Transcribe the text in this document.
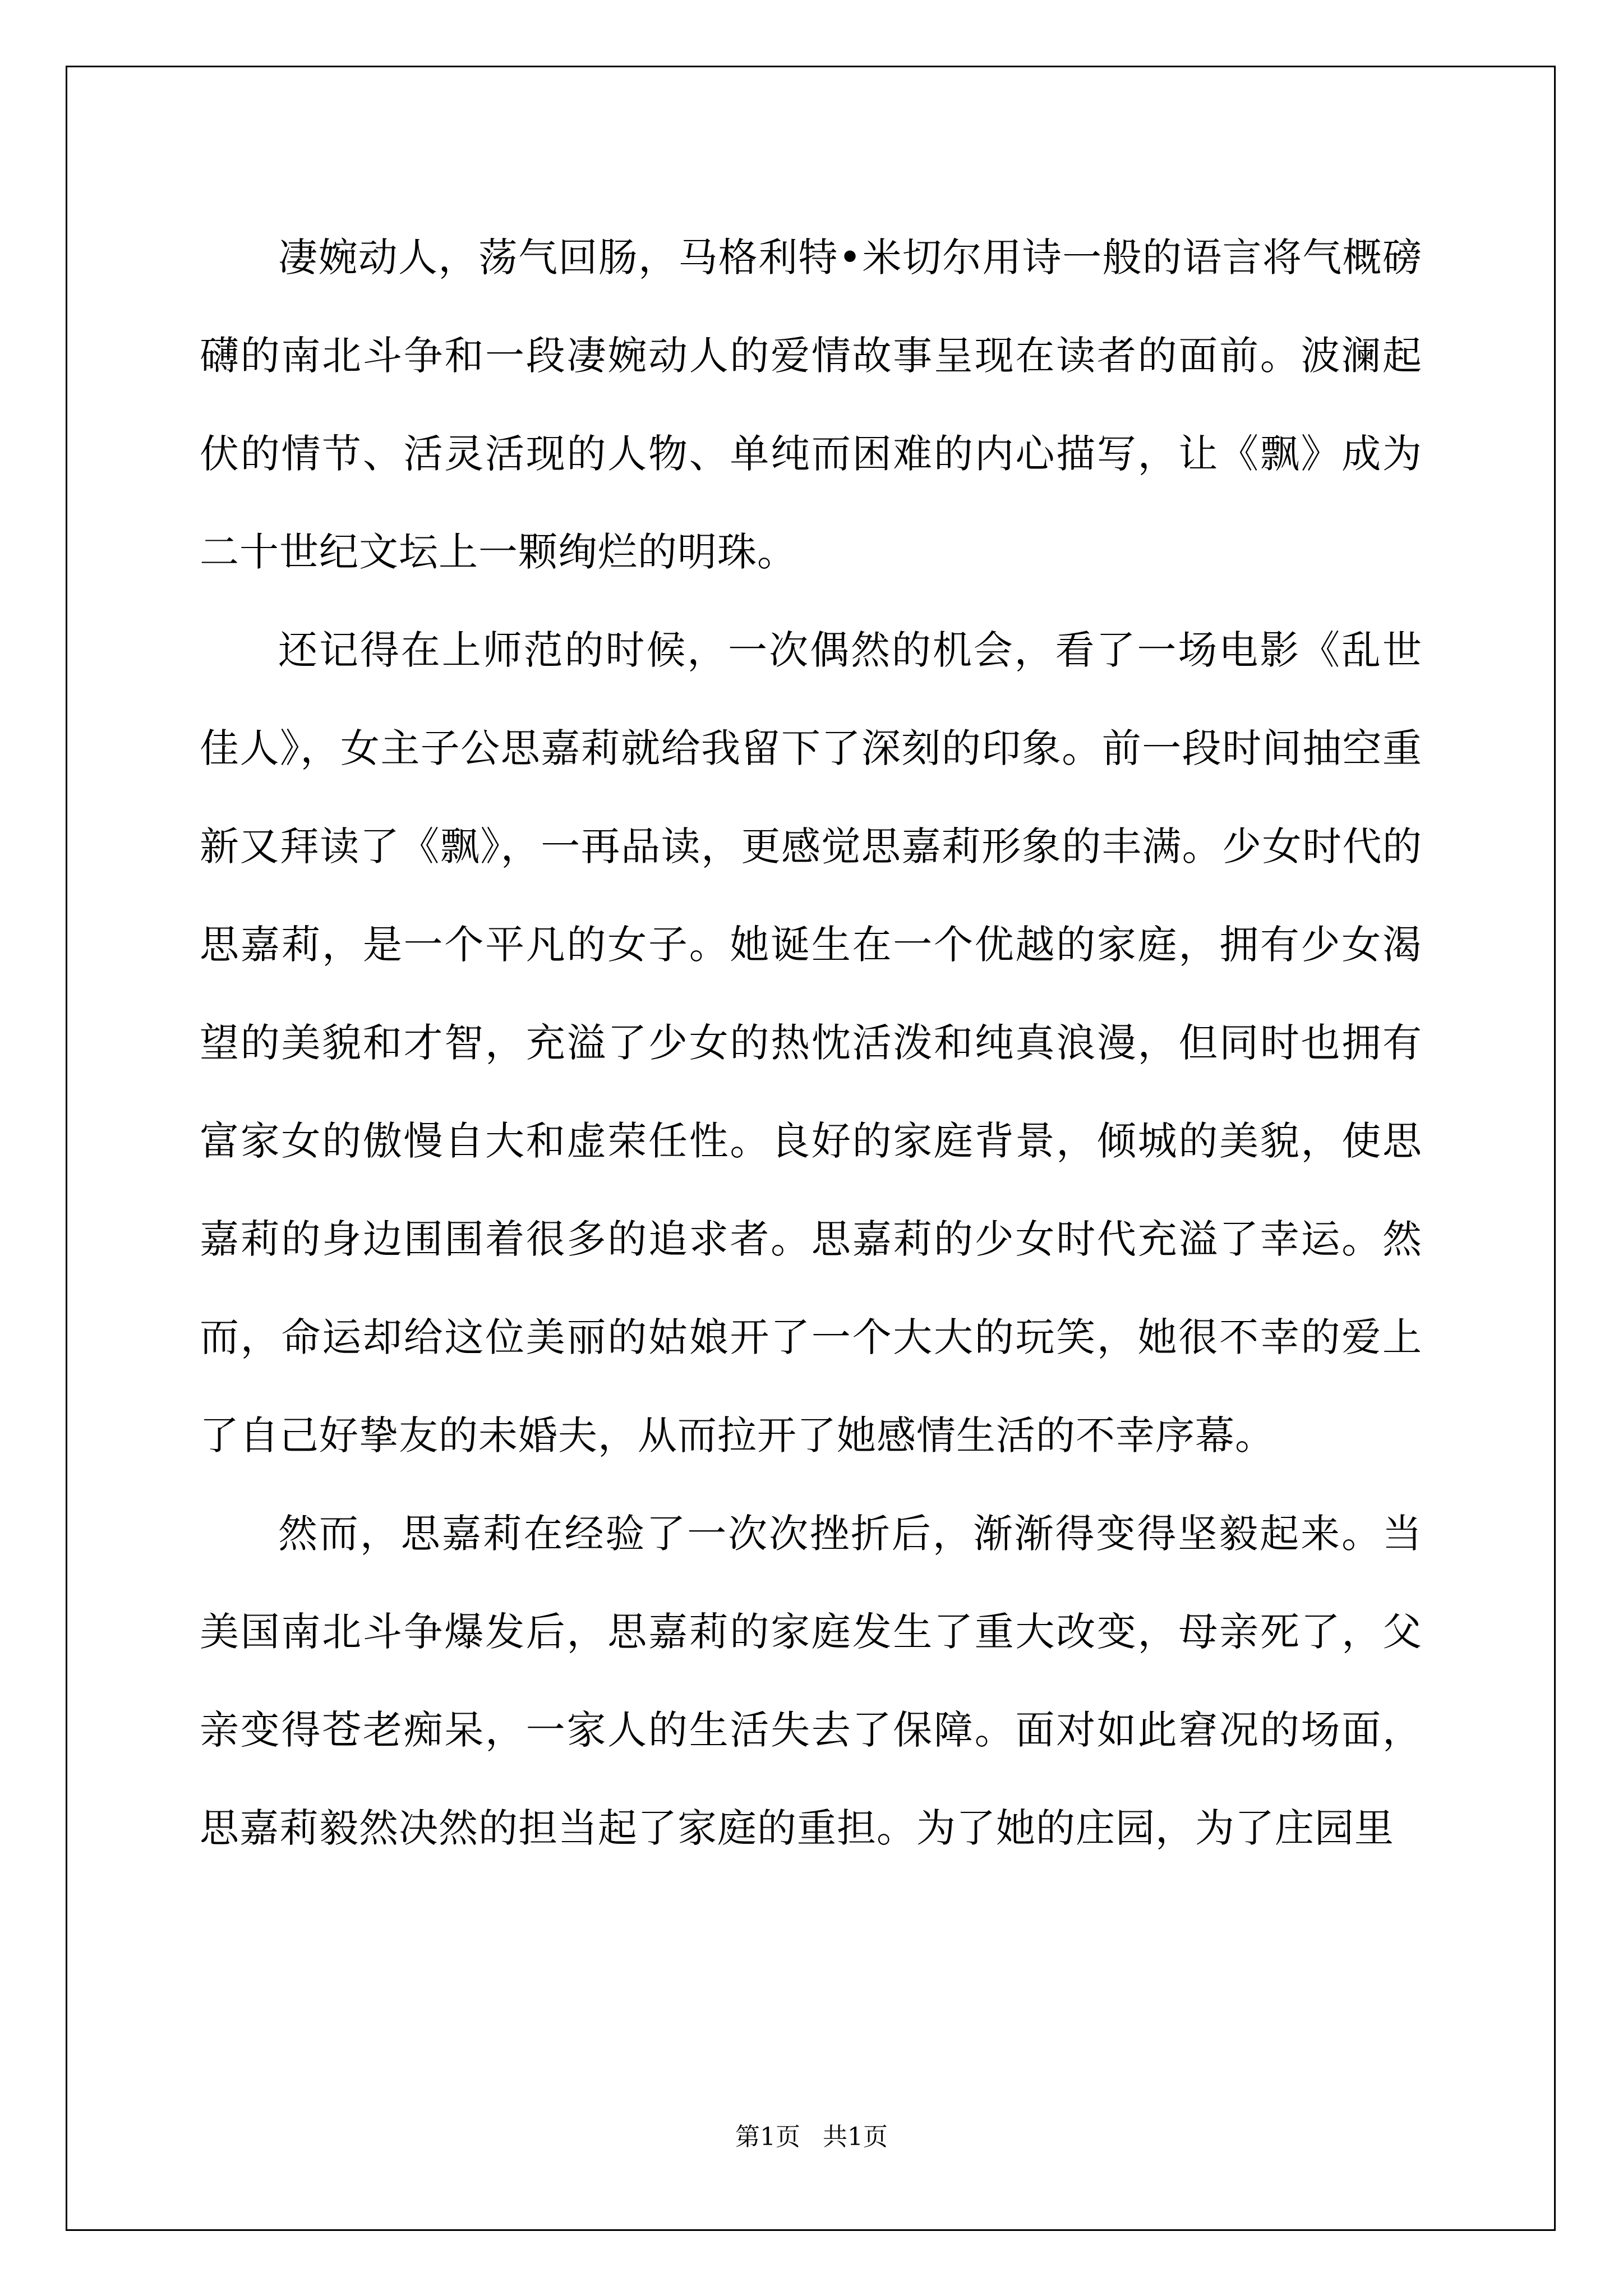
凄婉动人，荡气回肠，马格利特•米切尔用诗一般的语言将气概磅礴的南北斗争和一段凄婉动人的爱情故事呈现在读者的面前。波澜起伏的情节、活灵活现的人物、单纯而困难的内心描写，让《飘》成为二十世纪文坛上一颗绚烂的明珠。

还记得在上师范的时候，一次偶然的机会，看了一场电影《乱世佳人》，女主子公思嘉莉就给我留下了深刻的印象。前一段时间抽空重新又拜读了《飘》，一再品读，更感觉思嘉莉形象的丰满。少女时代的思嘉莉，是一个平凡的女子。她诞生在一个优越的家庭，拥有少女渴望的美貌和才智，充溢了少女的热忱活泼和纯真浪漫，但同时也拥有富家女的傲慢自大和虚荣任性。良好的家庭背景，倾城的美貌，使思嘉莉的身边围围着很多的追求者。思嘉莉的少女时代充溢了幸运。然而，命运却给这位美丽的姑娘开了一个大大的玩笑，她很不幸的爱上了自己好挚友的未婚夫，从而拉开了她感情生活的不幸序幕。

然而，思嘉莉在经验了一次次挫折后，渐渐得变得坚毅起来。当美国南北斗争爆发后，思嘉莉的家庭发生了重大改变，母亲死了，父亲变得苍老痴呆，一家人的生活失去了保障。面对如此窘况的场面，思嘉莉毅然决然的担当起了家庭的重担。为了她的庄园，为了庄园里

第1页 共1页
